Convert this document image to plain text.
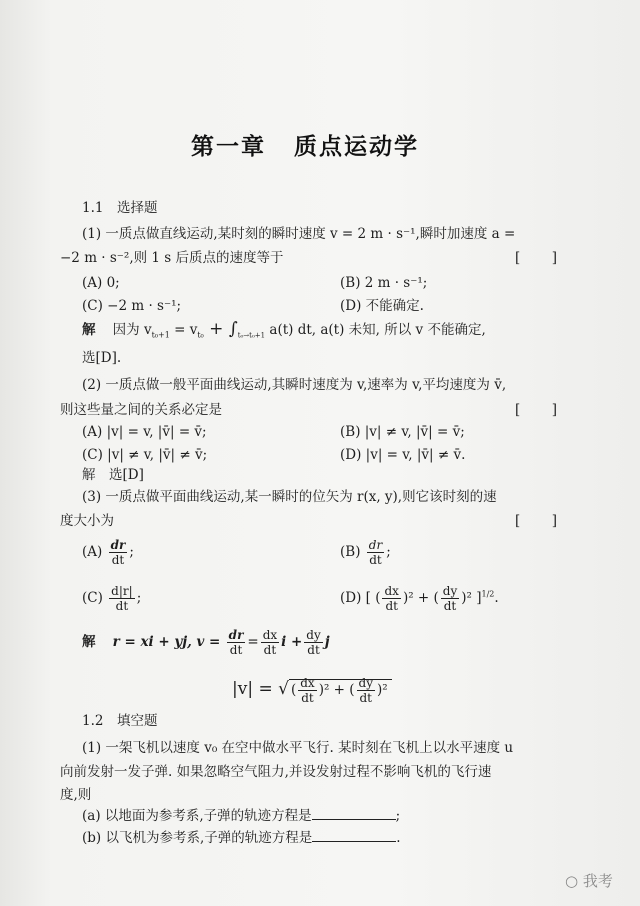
第一章 质点运动学
1.1　选择题
(1) 一质点做直线运动,某时刻的瞬时速度 v = 2 m · s⁻¹,瞬时加速度 a =
−2 m · s⁻²,则 1 s 后质点的速度等于	[ ]
(A) 0;	(B) 2 m · s⁻¹;
(C) −2 m · s⁻¹;	(D) 不能确定.
解 因为 $v_{t_0+1} = v_{t_0} + \int_{t_0\to t_0+1}$ a(t) dt, a(t) 未知, 所以 v 不能确定,
选[D].
(2) 一质点做一般平面曲线运动,其瞬时速度为 v,速率为 v,平均速度为 v̄,
则这些量之间的关系必定是	[ ]
(A) |v| = v, |v̄| = v̄;	(B) |v| ≠ v, |v̄| = v̄;
(C) |v| ≠ v, |v̄| ≠ v̄;	(D) |v| = v, |v̄| ≠ v̄.
解　选[D]
(3) 一质点做平面曲线运动,某一瞬时的位矢为 r(x, y),则它该时刻的速
度大小为	[ ]
$(A) \frac{dr}{dt}$ ;	$(B) \frac{dr}{dt}$ ;
$(C) \frac{d|r|}{dt}$ ;	(D) [ ( $\frac{dx}{dt} )^2$ + ( $\frac{dy}{dt} )^2$ ]$^{1/2}$.
解 r = xi + yj, $v = \frac{dr}{dt} = \frac{dx}{dt}$ $i + \frac{dy}{dt}$ j
|v| = √ ( $\frac{dx}{dt} )^2$ + ( $\frac{dy}{dt} )^2$
1.2　填空题
(1) 一架飞机以速度 v₀ 在空中做水平飞行. 某时刻在飞机上以水平速度 u
向前发射一发子弹. 如果忽略空气阻力,并设发射过程不影响飞机的飞行速
度,则
(a) 以地面为参考系,子弹的轨迹方程是	;
(b) 以飞机为参考系,子弹的轨迹方程是	.
○​ 我考
